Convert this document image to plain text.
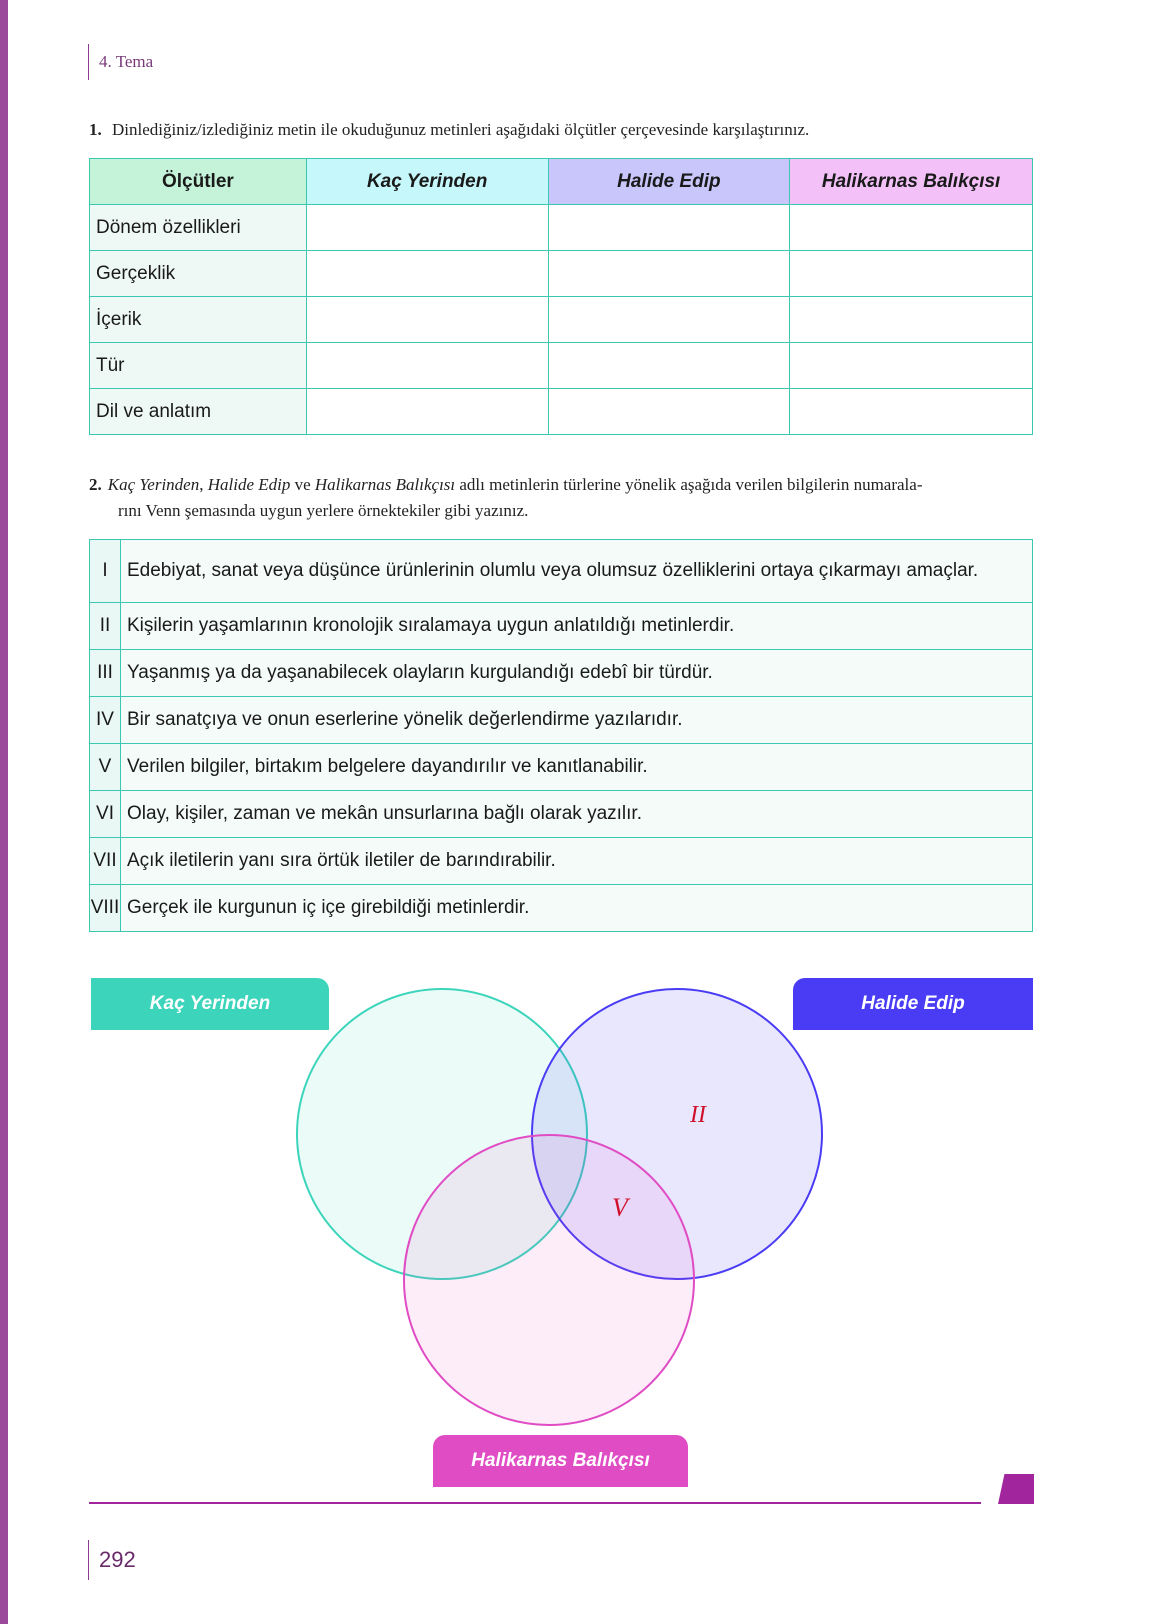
4. Tema
1. Dinlediğiniz/izlediğiniz metin ile okuduğunuz metinleri aşağıdaki ölçütler çerçevesinde karşılaştırınız.
Ölçütler	Kaç Yerinden	Halide Edip	Halikarnas Balıkçısı
Dönem özellikleri			
Gerçeklik			
İçerik			
Tür			
Dil ve anlatım			
2. Kaç Yerinden, Halide Edip ve Halikarnas Balıkçısı adlı metinlerin türlerine yönelik aşağıda verilen bilgilerin numarala-
rını Venn şemasında uygun yerlere örnektekiler gibi yazınız.
I	Edebiyat, sanat veya düşünce ürünlerinin olumlu veya olumsuz özelliklerini ortaya çıkarmayı amaçlar.
II	Kişilerin yaşamlarının kronolojik sıralamaya uygun anlatıldığı metinlerdir.
III	Yaşanmış ya da yaşanabilecek olayların kurgulandığı edebî bir türdür.
IV	Bir sanatçıya ve onun eserlerine yönelik değerlendirme yazılarıdır.
V	Verilen bilgiler, birtakım belgelere dayandırılır ve kanıtlanabilir.
VI	Olay, kişiler, zaman ve mekân unsurlarına bağlı olarak yazılır.
VII	Açık iletilerin yanı sıra örtük iletiler de barındırabilir.
VIII	Gerçek ile kurgunun iç içe girebildiği metinlerdir.
II
V
Kaç Yerinden	Halide Edip
Halikarnas Balıkçısı
292
